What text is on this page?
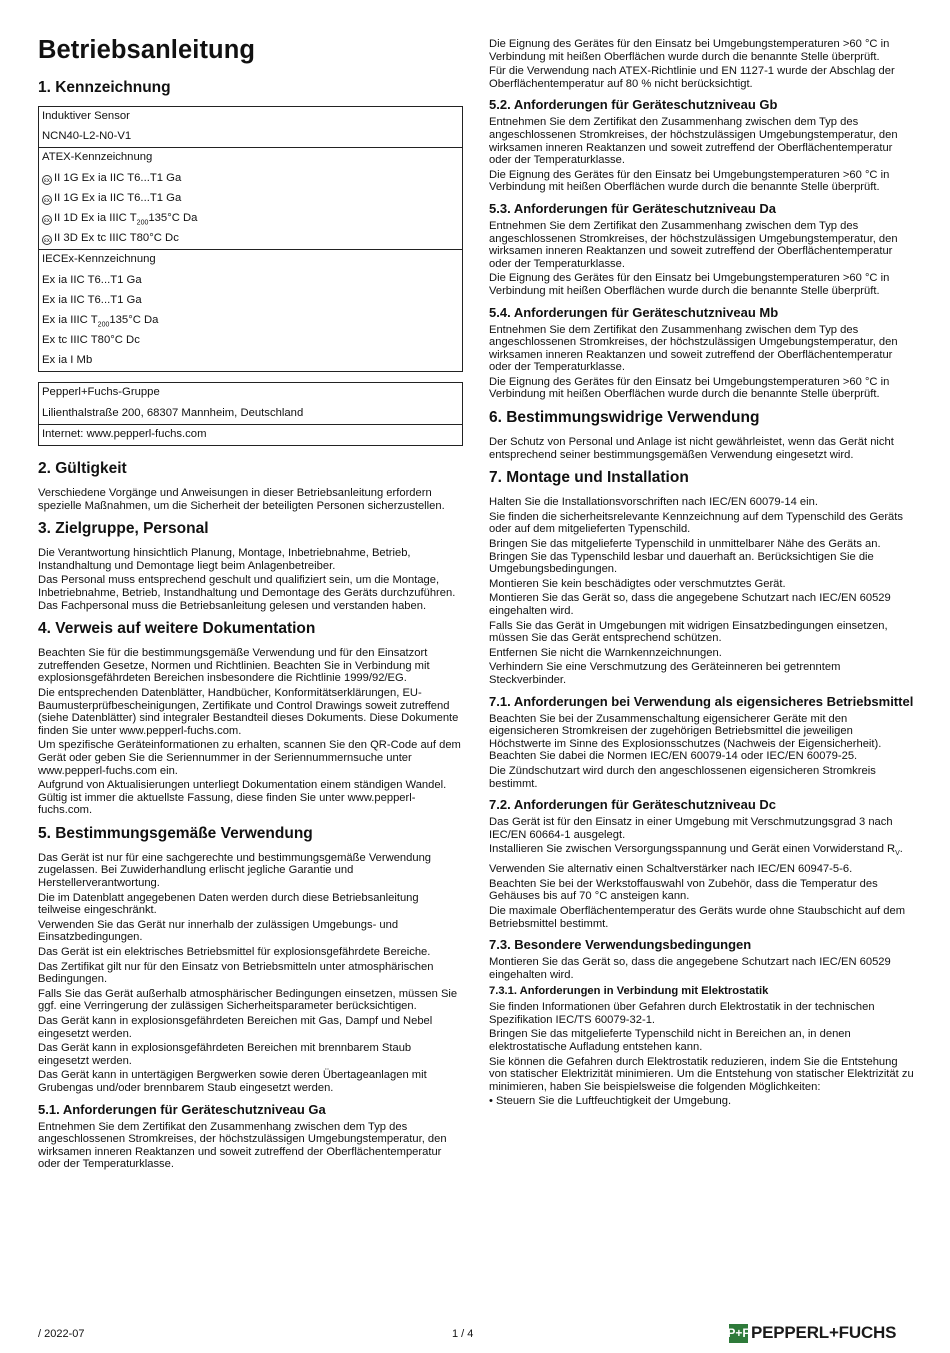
Betriebsanleitung
1. Kennzeichnung
Induktiver Sensor
NCN40-L2-N0-V1
ATEX-Kennzeichnung
εx II 1G Ex ia IIC T6...T1 Ga
εx II 1G Ex ia IIC T6...T1 Ga
εx II 1D Ex ia IIIC $T_{200}135^\circ C$ Da
εx II 3D Ex tc IIIC T80°C Dc
IECEx-Kennzeichnung
Ex ia IIC T6...T1 Ga
Ex ia IIC T6...T1 Ga
Ex ia IIIC $T_{200}135^\circ C$ Da
Ex tc IIIC T80°C Dc
Ex ia I Mb
Pepperl+Fuchs-Gruppe
Lilienthalstraße 200, 68307 Mannheim, Deutschland
Internet: www.pepperl-fuchs.com
2. Gültigkeit

Verschiedene Vorgänge und Anweisungen in dieser Betriebsanleitung erfordern spezielle Maßnahmen, um die Sicherheit der beteiligten Personen sicherzustellen.

3. Zielgruppe, Personal

Die Verantwortung hinsichtlich Planung, Montage, Inbetriebnahme, Betrieb, Instandhaltung und Demontage liegt beim Anlagenbetreiber.

Das Personal muss entsprechend geschult und qualifiziert sein, um die Montage, Inbetriebnahme, Betrieb, Instandhaltung und Demontage des Geräts durchzuführen. Das Fachpersonal muss die Betriebsanleitung gelesen und verstanden haben.

4. Verweis auf weitere Dokumentation

Beachten Sie für die bestimmungsgemäße Verwendung und für den Einsatzort zutreffenden Gesetze, Normen und Richtlinien. Beachten Sie in Verbindung mit explosionsgefährdeten Bereichen insbesondere die Richtlinie 1999/92/EG.

Die entsprechenden Datenblätter, Handbücher, Konformitätserklärungen, EU-Baumusterprüfbescheinigungen, Zertifikate und Control Drawings soweit zutreffend (siehe Datenblätter) sind integraler Bestandteil dieses Dokuments. Diese Dokumente finden Sie unter www.pepperl-fuchs.com.

Um spezifische Geräteinformationen zu erhalten, scannen Sie den QR-Code auf dem Gerät oder geben Sie die Seriennummer in der Seriennummernsuche unter www.pepperl-fuchs.com ein.

Aufgrund von Aktualisierungen unterliegt Dokumentation einem ständigen Wandel. Gültig ist immer die aktuellste Fassung, diese finden Sie unter www.pepperl-fuchs.com.

5. Bestimmungsgemäße Verwendung

Das Gerät ist nur für eine sachgerechte und bestimmungsgemäße Verwendung zugelassen. Bei Zuwiderhandlung erlischt jegliche Garantie und Herstellerverantwortung.

Die im Datenblatt angegebenen Daten werden durch diese Betriebsanleitung teilweise eingeschränkt.

Verwenden Sie das Gerät nur innerhalb der zulässigen Umgebungs- und Einsatzbedingungen.

Das Gerät ist ein elektrisches Betriebsmittel für explosionsgefährdete Bereiche.

Das Zertifikat gilt nur für den Einsatz von Betriebsmitteln unter atmosphärischen Bedingungen.

Falls Sie das Gerät außerhalb atmosphärischer Bedingungen einsetzen, müssen Sie ggf. eine Verringerung der zulässigen Sicherheitsparameter berücksichtigen.

Das Gerät kann in explosionsgefährdeten Bereichen mit Gas, Dampf und Nebel eingesetzt werden.

Das Gerät kann in explosionsgefährdeten Bereichen mit brennbarem Staub eingesetzt werden.

Das Gerät kann in untertägigen Bergwerken sowie deren Übertageanlagen mit Grubengas und/oder brennbarem Staub eingesetzt werden.

5.1. Anforderungen für Geräteschutzniveau Ga

Entnehmen Sie dem Zertifikat den Zusammenhang zwischen dem Typ des angeschlossenen Stromkreises, der höchstzulässigen Umgebungstemperatur, den wirksamen inneren Reaktanzen und soweit zutreffend der Oberflächentemperatur oder der Temperaturklasse.

Die Eignung des Gerätes für den Einsatz bei Umgebungstemperaturen >60 °C in Verbindung mit heißen Oberflächen wurde durch die benannte Stelle überprüft.

Für die Verwendung nach ATEX-Richtlinie und EN 1127-1 wurde der Abschlag der Oberflächentemperatur auf 80 % nicht berücksichtigt.

5.2. Anforderungen für Geräteschutzniveau Gb

Entnehmen Sie dem Zertifikat den Zusammenhang zwischen dem Typ des angeschlossenen Stromkreises, der höchstzulässigen Umgebungstemperatur, den wirksamen inneren Reaktanzen und soweit zutreffend der Oberflächentemperatur oder der Temperaturklasse.

Die Eignung des Gerätes für den Einsatz bei Umgebungstemperaturen >60 °C in Verbindung mit heißen Oberflächen wurde durch die benannte Stelle überprüft.

5.3. Anforderungen für Geräteschutzniveau Da

Entnehmen Sie dem Zertifikat den Zusammenhang zwischen dem Typ des angeschlossenen Stromkreises, der höchstzulässigen Umgebungstemperatur, den wirksamen inneren Reaktanzen und soweit zutreffend der Oberflächentemperatur oder der Temperaturklasse.

Die Eignung des Gerätes für den Einsatz bei Umgebungstemperaturen >60 °C in Verbindung mit heißen Oberflächen wurde durch die benannte Stelle überprüft.

5.4. Anforderungen für Geräteschutzniveau Mb

Entnehmen Sie dem Zertifikat den Zusammenhang zwischen dem Typ des angeschlossenen Stromkreises, der höchstzulässigen Umgebungstemperatur, den wirksamen inneren Reaktanzen und soweit zutreffend der Oberflächentemperatur oder der Temperaturklasse.

Die Eignung des Gerätes für den Einsatz bei Umgebungstemperaturen >60 °C in Verbindung mit heißen Oberflächen wurde durch die benannte Stelle überprüft.

6. Bestimmungswidrige Verwendung

Der Schutz von Personal und Anlage ist nicht gewährleistet, wenn das Gerät nicht entsprechend seiner bestimmungsgemäßen Verwendung eingesetzt wird.

7. Montage und Installation

Halten Sie die Installationsvorschriften nach IEC/EN 60079-14 ein.

Sie finden die sicherheitsrelevante Kennzeichnung auf dem Typenschild des Geräts oder auf dem mitgelieferten Typenschild.

Bringen Sie das mitgelieferte Typenschild in unmittelbarer Nähe des Geräts an. Bringen Sie das Typenschild lesbar und dauerhaft an. Berücksichtigen Sie die Umgebungsbedingungen.

Montieren Sie kein beschädigtes oder verschmutztes Gerät.

Montieren Sie das Gerät so, dass die angegebene Schutzart nach IEC/EN 60529 eingehalten wird.

Falls Sie das Gerät in Umgebungen mit widrigen Einsatzbedingungen einsetzen, müssen Sie das Gerät entsprechend schützen.

Entfernen Sie nicht die Warnkennzeichnungen.

Verhindern Sie eine Verschmutzung des Geräteinneren bei getrenntem Steckverbinder.

7.1. Anforderungen bei Verwendung als eigensicheres Betriebsmittel

Beachten Sie bei der Zusammenschaltung eigensicherer Geräte mit den eigensicheren Stromkreisen der zugehörigen Betriebsmittel die jeweiligen Höchstwerte im Sinne des Explosionsschutzes (Nachweis der Eigensicherheit). Beachten Sie dabei die Normen IEC/EN 60079-14 oder IEC/EN 60079-25.

Die Zündschutzart wird durch den angeschlossenen eigensicheren Stromkreis bestimmt.

7.2. Anforderungen für Geräteschutzniveau Dc

Das Gerät ist für den Einsatz in einer Umgebung mit Verschmutzungsgrad 3 nach IEC/EN 60664-1 ausgelegt.

Installieren Sie zwischen Versorgungsspannung und Gerät einen Vorwiderstand $R_V$.

Verwenden Sie alternativ einen Schaltverstärker nach IEC/EN 60947-5-6.

Beachten Sie bei der Werkstoffauswahl von Zubehör, dass die Temperatur des Gehäuses bis auf 70 °C ansteigen kann.

Die maximale Oberflächentemperatur des Geräts wurde ohne Staubschicht auf dem Betriebsmittel bestimmt.

7.3. Besondere Verwendungsbedingungen

Montieren Sie das Gerät so, dass die angegebene Schutzart nach IEC/EN 60529 eingehalten wird.

7.3.1. Anforderungen in Verbindung mit Elektrostatik

Sie finden Informationen über Gefahren durch Elektrostatik in der technischen Spezifikation IEC/TS 60079-32-1.

Bringen Sie das mitgelieferte Typenschild nicht in Bereichen an, in denen elektrostatische Aufladung entstehen kann.

Sie können die Gefahren durch Elektrostatik reduzieren, indem Sie die Entstehung von statischer Elektrizität minimieren. Um die Entstehung von statischer Elektrizität zu minimieren, haben Sie beispielsweise die folgenden Möglichkeiten:

• Steuern Sie die Luftfeuchtigkeit der Umgebung.

/ 2022-07	1 / 4	P+F PEPPERL+FUCHS
